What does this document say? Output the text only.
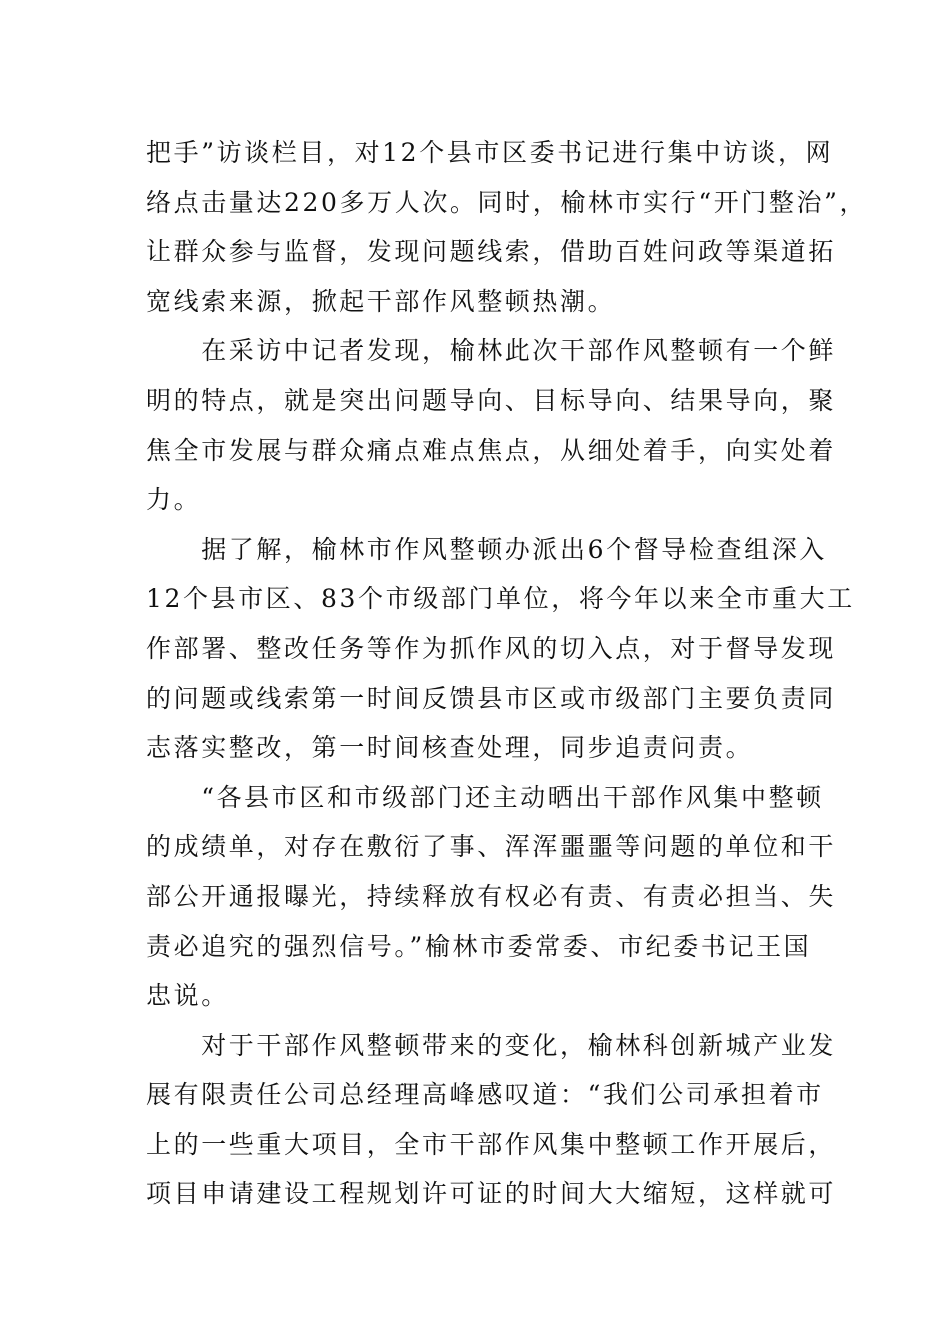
把手”访谈栏目，对12个县市区委书记进行集中访谈，网
络点击量达220多万人次。同时，榆林市实行“开门整治”，
让群众参与监督，发现问题线索，借助百姓问政等渠道拓
宽线索来源，掀起干部作风整顿热潮。
　　在采访中记者发现，榆林此次干部作风整顿有一个鲜
明的特点，就是突出问题导向、目标导向、结果导向，聚
焦全市发展与群众痛点难点焦点，从细处着手，向实处着
力。
　　据了解，榆林市作风整顿办派出6个督导检查组深入
12个县市区、83个市级部门单位，将今年以来全市重大工
作部署、整改任务等作为抓作风的切入点，对于督导发现
的问题或线索第一时间反馈县市区或市级部门主要负责同
志落实整改，第一时间核查处理，同步追责问责。
　　“各县市区和市级部门还主动晒出干部作风集中整顿
的成绩单，对存在敷衍了事、浑浑噩噩等问题的单位和干
部公开通报曝光，持续释放有权必有责、有责必担当、失
责必追究的强烈信号。”榆林市委常委、市纪委书记王国
忠说。
　　对于干部作风整顿带来的变化，榆林科创新城产业发
展有限责任公司总经理高峰感叹道：“我们公司承担着市
上的一些重大项目，全市干部作风集中整顿工作开展后，
项目申请建设工程规划许可证的时间大大缩短，这样就可
